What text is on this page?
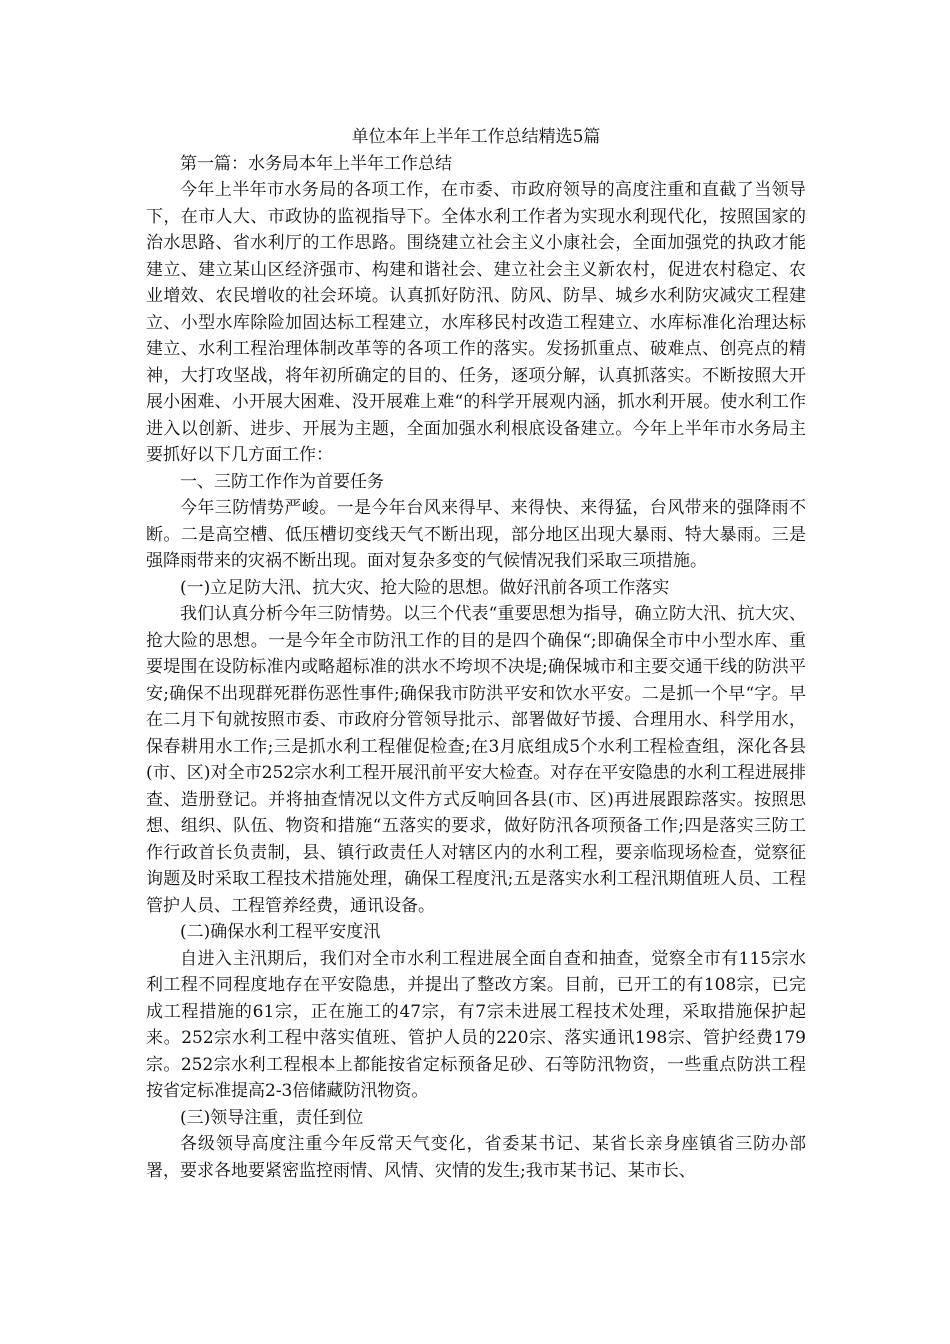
单位本年上半年工作总结精选5篇

第一篇：水务局本年上半年工作总结

今年上半年市水务局的各项工作，在市委、市政府领导的高度注重和直截了当领导下，在市人大、市政协的监视指导下。全体水利工作者为实现水利现代化，按照国家的治水思路、省水利厅的工作思路。围绕建立社会主义小康社会，全面加强党的执政才能建立、建立某山区经济强市、构建和谐社会、建立社会主义新农村，促进农村稳定、农业增效、农民增收的社会环境。认真抓好防汛、防风、防旱、城乡水利防灾减灾工程建立、小型水库除险加固达标工程建立，水库移民村改造工程建立、水库标准化治理达标建立、水利工程治理体制改革等的各项工作的落实。发扬抓重点、破难点、创亮点的精神，大打攻坚战，将年初所确定的目的、任务，逐项分解，认真抓落实。不断按照大开展小困难、小开展大困难、没开展难上难“的科学开展观内涵，抓水利开展。使水利工作进入以创新、进步、开展为主题，全面加强水利根底设备建立。今年上半年市水务局主要抓好以下几方面工作：

一、三防工作作为首要任务

今年三防情势严峻。一是今年台风来得早、来得快、来得猛，台风带来的强降雨不断。二是高空槽、低压槽切变线天气不断出现，部分地区出现大暴雨、特大暴雨。三是强降雨带来的灾祸不断出现。面对复杂多变的气候情况我们采取三项措施。

(一)立足防大汛、抗大灾、抢大险的思想。做好汛前各项工作落实

我们认真分析今年三防情势。以三个代表“重要思想为指导，确立防大汛、抗大灾、抢大险的思想。一是今年全市防汛工作的目的是四个确保“;即确保全市中小型水库、重要堤围在设防标准内或略超标准的洪水不垮坝不决堤;确保城市和主要交通干线的防洪平安;确保不出现群死群伤恶性事件;确保我市防洪平安和饮水平安。二是抓一个早“字。早在二月下旬就按照市委、市政府分管领导批示、部署做好节援、合理用水、科学用水，保春耕用水工作;三是抓水利工程催促检查;在3月底组成5个水利工程检查组，深化各县(市、区)对全市252宗水利工程开展汛前平安大检查。对存在平安隐患的水利工程进展排查、造册登记。并将抽查情况以文件方式反响回各县(市、区)再进展跟踪落实。按照思想、组织、队伍、物资和措施“五落实的要求，做好防汛各项预备工作;四是落实三防工作行政首长负责制，县、镇行政责任人对辖区内的水利工程，要亲临现场检查，觉察征询题及时采取工程技术措施处理，确保工程度汛;五是落实水利工程汛期值班人员、工程管护人员、工程管养经费，通讯设备。

(二)确保水利工程平安度汛

自进入主汛期后，我们对全市水利工程进展全面自查和抽查，觉察全市有115宗水利工程不同程度地存在平安隐患，并提出了整改方案。目前，已开工的有108宗，已完成工程措施的61宗，正在施工的47宗，有7宗未进展工程技术处理，采取措施保护起来。252宗水利工程中落实值班、管护人员的220宗、落实通讯198宗、管护经费179宗。252宗水利工程根本上都能按省定标预备足砂、石等防汛物资，一些重点防洪工程按省定标准提高2-3倍储藏防汛物资。

(三)领导注重，责任到位

各级领导高度注重今年反常天气变化，省委某书记、某省长亲身座镇省三防办部署，要求各地要紧密监控雨情、风情、灾情的发生;我市某书记、某市长、
